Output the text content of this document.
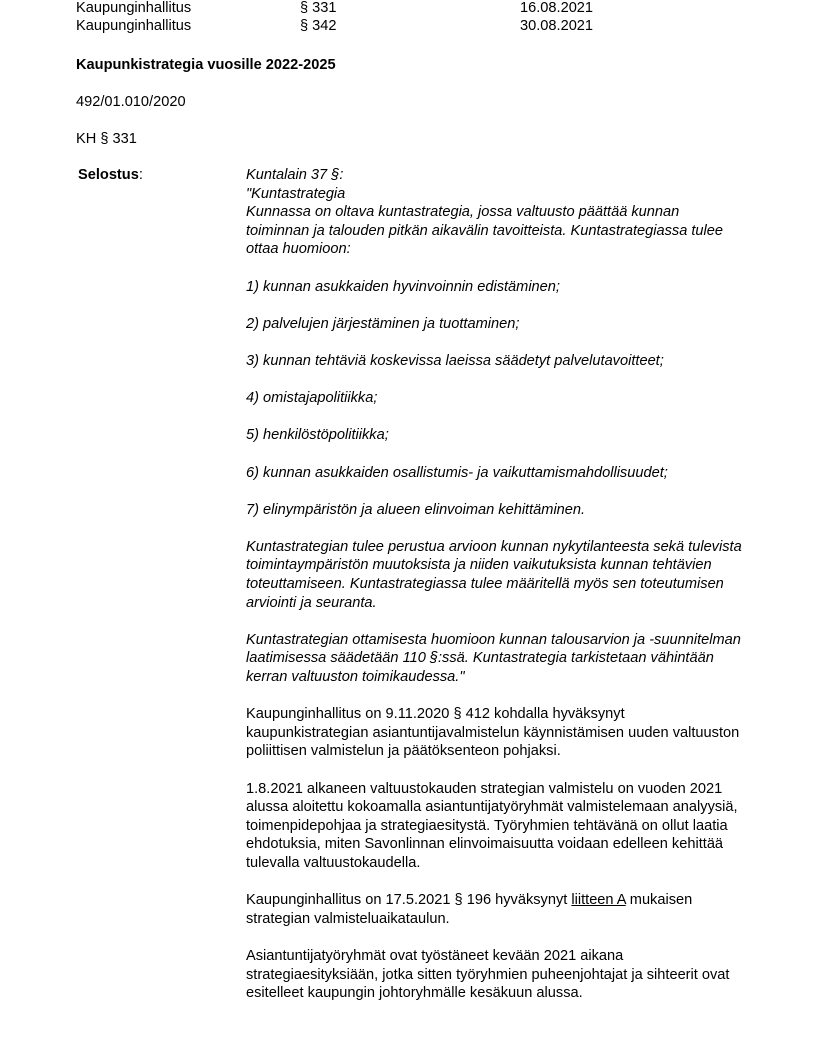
Kaupunginhallitus	§ 331	16.08.2021
Kaupunginhallitus	§ 342	30.08.2021
Kaupunkistrategia vuosille 2022-2025
492/01.010/2020
KH § 331
Selostus:	Kuntalain 37 §:
"Kuntastrategia

Kunnassa on oltava kuntastrategia, jossa valtuusto päättää kunnan toiminnan ja talouden pitkän aikavälin tavoitteista. Kuntastrategiassa tulee ottaa huomioon:

1) kunnan asukkaiden hyvinvoinnin edistäminen;

2) palvelujen järjestäminen ja tuottaminen;

3) kunnan tehtäviä koskevissa laeissa säädetyt palvelutavoitteet;

4) omistajapolitiikka;

5) henkilöstöpolitiikka;

6) kunnan asukkaiden osallistumis- ja vaikuttamismahdollisuudet;

7) elinympäristön ja alueen elinvoiman kehittäminen.

Kuntastrategian tulee perustua arvioon kunnan nykytilanteesta sekä tulevista toimintaympäristön muutoksista ja niiden vaikutuksista kunnan tehtävien toteuttamiseen. Kuntastrategiassa tulee määritellä myös sen toteutumisen arviointi ja seuranta.

Kuntastrategian ottamisesta huomioon kunnan talousarvion ja -suunnitelman laatimisessa säädetään 110 §:ssä. Kuntastrategia tarkistetaan vähintään kerran valtuuston toimikaudessa."

Kaupunginhallitus on 9.11.2020 § 412 kohdalla hyväksynyt kaupunkistrategian asiantuntijavalmistelun käynnistämisen uuden valtuuston poliittisen valmistelun ja päätöksenteon pohjaksi.

1.8.2021 alkaneen valtuustokauden strategian valmistelu on vuoden 2021 alussa aloitettu kokoamalla asiantuntijatyöryhmät valmistelemaan analyysiä, toimenpidepohjaa ja strategiaesitystä. Työryhmien tehtävänä on ollut laatia ehdotuksia, miten Savonlinnan elinvoimaisuutta voidaan edelleen kehittää tulevalla valtuustokaudella.

Kaupunginhallitus on 17.5.2021 § 196 hyväksynyt liitteen A mukaisen strategian valmisteluaikataulun.

Asiantuntijatyöryhmät ovat työstäneet kevään 2021 aikana strategiaesityksiään, jotka sitten työryhmien puheenjohtajat ja sihteerit ovat esitelleet kaupungin johtoryhmälle kesäkuun alussa.
